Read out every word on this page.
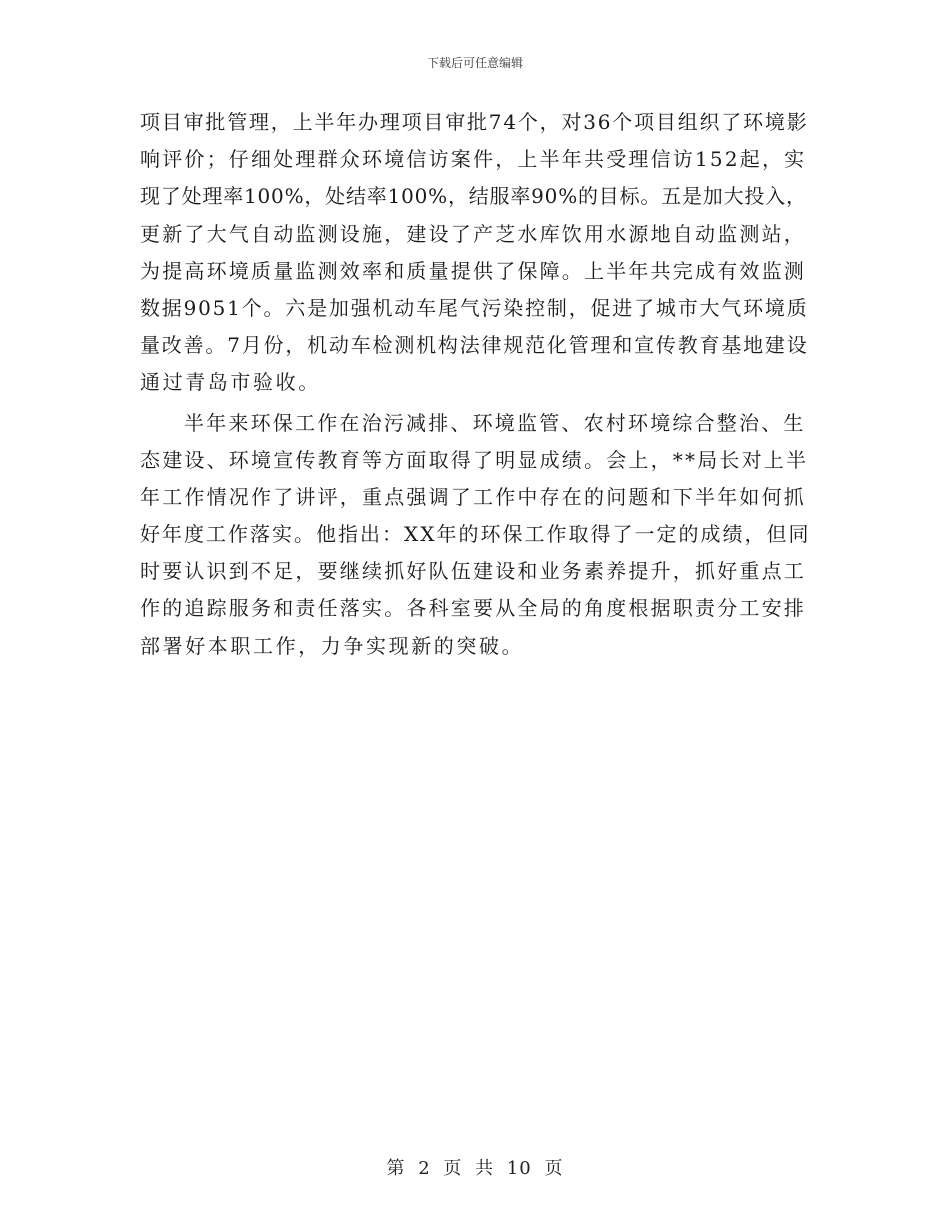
下载后可任意编辑
项目审批管理，上半年办理项目审批74个，对36个项目组织了环境影
响评价；仔细处理群众环境信访案件，上半年共受理信访152起，实
现了处理率100%，处结率100%，结服率90%的目标。五是加大投入，
更新了大气自动监测设施，建设了产芝水库饮用水源地自动监测站，
为提高环境质量监测效率和质量提供了保障。上半年共完成有效监测
数据9051个。六是加强机动车尾气污染控制，促进了城市大气环境质
量改善。7月份，机动车检测机构法律规范化管理和宣传教育基地建设
通过青岛市验收。
半年来环保工作在治污减排、环境监管、农村环境综合整治、生
态建设、环境宣传教育等方面取得了明显成绩。会上，**局长对上半
年工作情况作了讲评，重点强调了工作中存在的问题和下半年如何抓
好年度工作落实。他指出：XX年的环保工作取得了一定的成绩，但同
时要认识到不足，要继续抓好队伍建设和业务素养提升，抓好重点工
作的追踪服务和责任落实。各科室要从全局的角度根据职责分工安排
部署好本职工作，力争实现新的突破。
第 2 页 共 10 页
